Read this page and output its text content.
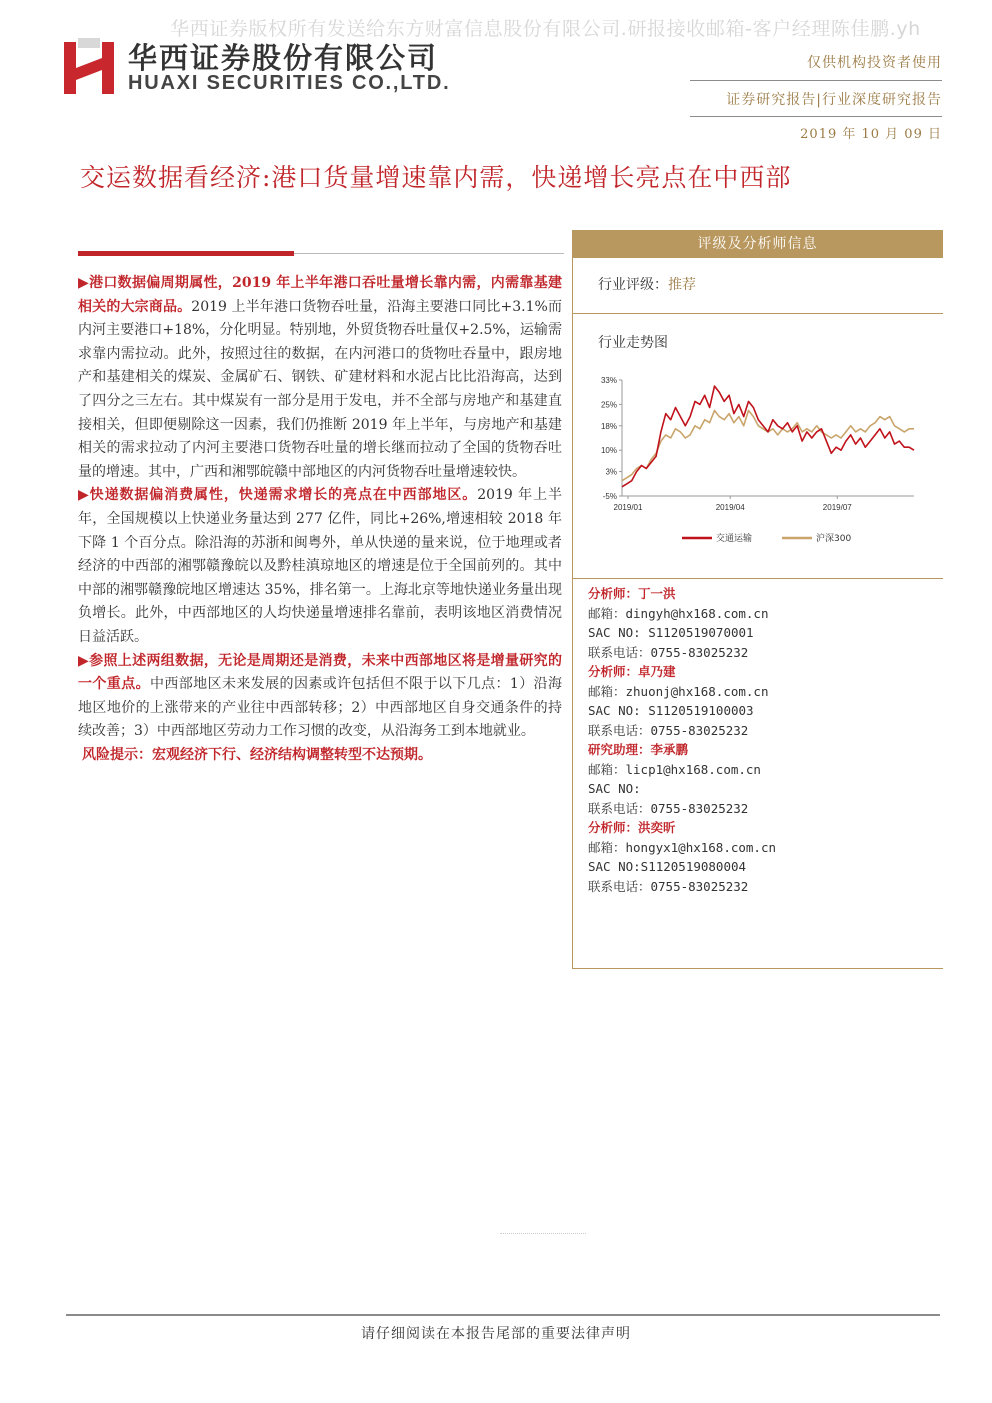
华西证券版权所有发送给东方财富信息股份有限公司.研报接收邮箱-客户经理陈佳鹏.yh
华西证券股份有限公司
HUAXI SECURITIES CO.,LTD.
仅供机构投资者使用
证券研究报告|行业深度研究报告
2019 年 10 月 09 日
交运数据看经济:港口货量增速靠内需，快递增长亮点在中西部

▶港口数据偏周期属性，2019 年上半年港口吞吐量增长靠内需，内需靠基建相关的大宗商品。2019 上半年港口货物吞吐量，沿海主要港口同比+3.1%而内河主要港口+18%，分化明显。特别地，外贸货物吞吐量仅+2.5%，运输需求靠内需拉动。此外，按照过往的数据，在内河港口的货物吐吞量中，跟房地产和基建相关的煤炭、金属矿石、钢铁、矿建材料和水泥占比比沿海高，达到了四分之三左右。其中煤炭有一部分是用于发电，并不全部与房地产和基建直接相关，但即便剔除这一因素，我们仍推断 2019 年上半年，与房地产和基建相关的需求拉动了内河主要港口货物吞吐量的增长继而拉动了全国的货物吞吐量的增速。其中，广西和湘鄂皖赣中部地区的内河货物吞吐量增速较快。

▶快递数据偏消费属性，快递需求增长的亮点在中西部地区。2019 年上半年，全国规模以上快递业务量达到 277 亿件，同比+26%,增速相较 2018 年下降 1 个百分点。除沿海的苏浙和闽粤外，单从快递的量来说，位于地理或者经济的中西部的湘鄂赣豫皖以及黔桂滇琼地区的增速是位于全国前列的。其中中部的湘鄂赣豫皖地区增速达 35%，排名第一。上海北京等地快递业务量出现负增长。此外，中西部地区的人均快递量增速排名靠前，表明该地区消费情况日益活跃。

▶参照上述两组数据，无论是周期还是消费，未来中西部地区将是增量研究的一个重点。中西部地区未来发展的因素或许包括但不限于以下几点：1）沿海地区地价的上涨带来的产业往中西部转移；2）中西部地区自身交通条件的持续改善；3）中西部地区劳动力工作习惯的改变，从沿海务工到本地就业。

风险提示：宏观经济下行、经济结构调整转型不达预期。

评级及分析师信息
行业评级：推荐
行业走势图
33%
25%
18%
10%
3%
-5%
2019/01	2019/04	2019/07
交通运输	沪深300
分析师：丁一洪
邮箱：dingyh@hx168.com.cn
SAC NO: S1120519070001
联系电话：0755-83025232
分析师：卓乃建
邮箱：zhuonj@hx168.com.cn
SAC NO: S1120519100003
联系电话：0755-83025232
研究助理：李承鹏
邮箱：licp1@hx168.com.cn
SAC NO:
联系电话：0755-83025232
分析师：洪奕昕
邮箱：hongyx1@hx168.com.cn
SAC NO:S1120519080004
联系电话：0755-83025232
请仔细阅读在本报告尾部的重要法律声明
